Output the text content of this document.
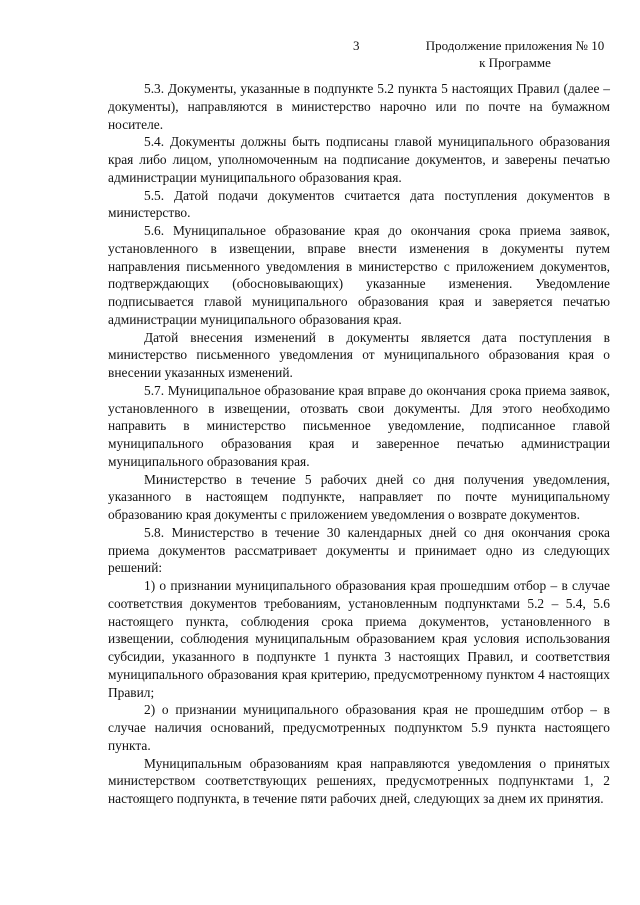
3	Продолжение приложения № 10
к Программе

5.3. Документы, указанные в подпункте 5.2 пункта 5 настоящих Правил (далее – документы), направляются в министерство нарочно или по почте на бумажном носителе.

5.4. Документы должны быть подписаны главой муниципального образования края либо лицом, уполномоченным на подписание документов, и заверены печатью администрации муниципального образования края.

5.5. Датой подачи документов считается дата поступления документов в министерство.

5.6. Муниципальное образование края до окончания срока приема заявок, установленного в извещении, вправе внести изменения в документы путем направления письменного уведомления в министерство с приложением документов, подтверждающих (обосновывающих) указанные изменения. Уведомление подписывается главой муниципального образования края и заверяется печатью администрации муниципального образования края.

Датой внесения изменений в документы является дата поступления в министерство письменного уведомления от муниципального образования края о внесении указанных изменений.

5.7. Муниципальное образование края вправе до окончания срока приема заявок, установленного в извещении, отозвать свои документы. Для этого необходимо направить в министерство письменное уведомление, подписанное главой муниципального образования края и заверенное печатью администрации муниципального образования края.

Министерство в течение 5 рабочих дней со дня получения уведомления, указанного в настоящем подпункте, направляет по почте муниципальному образованию края документы с приложением уведомления о возврате документов.

5.8. Министерство в течение 30 календарных дней со дня окончания срока приема документов рассматривает документы и принимает одно из следующих решений:

1) о признании муниципального образования края прошедшим отбор – в случае соответствия документов требованиям, установленным подпунктами 5.2 – 5.4, 5.6 настоящего пункта, соблюдения срока приема документов, установленного в извещении, соблюдения муниципальным образованием края условия использования субсидии, указанного в подпункте 1 пункта 3 настоящих Правил, и соответствия муниципального образования края критерию, предусмотренному пунктом 4 настоящих Правил;

2) о признании муниципального образования края не прошедшим отбор – в случае наличия оснований, предусмотренных подпунктом 5.9 пункта настоящего пункта.

Муниципальным образованиям края направляются уведомления о принятых министерством соответствующих решениях, предусмотренных подпунктами 1, 2 настоящего подпункта, в течение пяти рабочих дней, следующих за днем их принятия.
